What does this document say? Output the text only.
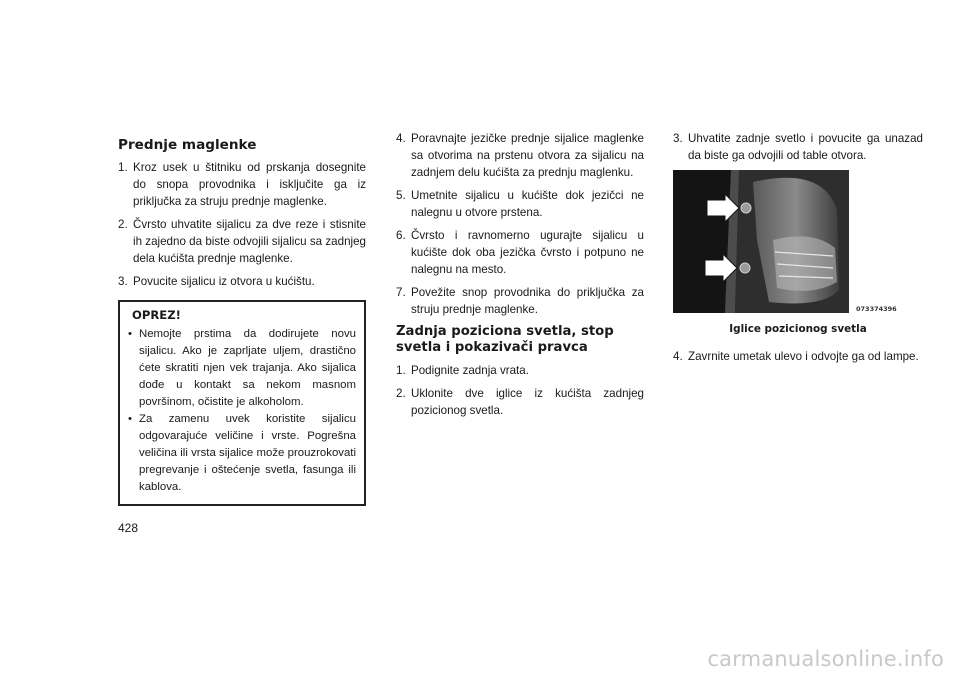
Prednje maglenke
1. Kroz usek u štitniku od prskanja dosegnite do snopa provodnika i isključite ga iz priključka za struju prednje maglenke.
2. Čvrsto uhvatite sijalicu za dve reze i stisnite ih zajedno da biste odvojili sijalicu sa zadnjeg dela kućišta prednje maglenke.
3. Povucite sijalicu iz otvora u kućištu.
OPREZ!
• Nemojte prstima da dodirujete novu sijalicu. Ako je zaprljate uljem, drastično ćete skratiti njen vek trajanja. Ako sijalica dođe u kontakt sa nekom masnom površinom, očistite je alkoholom.
• Za zamenu uvek koristite sijalicu odgovarajuće veličine i vrste. Pogrešna veličina ili vrsta sijalice može prouzrokovati pregrevanje i oštećenje svetla, fasunga ili kablova.
4. Poravnajte jezičke prednje sijalice maglenke sa otvorima na prstenu otvora za sijalicu na zadnjem delu kućišta za prednju maglenku.
5. Umetnite sijalicu u kućište dok jezičci ne nalegnu u otvore prstena.
6. Čvrsto i ravnomerno ugurajte sijalicu u kućište dok oba jezička čvrsto i potpuno ne nalegnu na mesto.
7. Povežite snop provodnika do priključka za struju prednje maglenke.
Zadnja poziciona svetla, stop svetla i pokazivači pravca
1. Podignite zadnja vrata.
2. Uklonite dve iglice iz kućišta zadnjeg pozicionog svetla.
3. Uhvatite zadnje svetlo i povucite ga unazad da biste ga odvojili od table otvora.
073374396
Iglice pozicionog svetla
4. Zavrnite umetak ulevo i odvojte ga od lampe.
428
carmanualsonline.info
